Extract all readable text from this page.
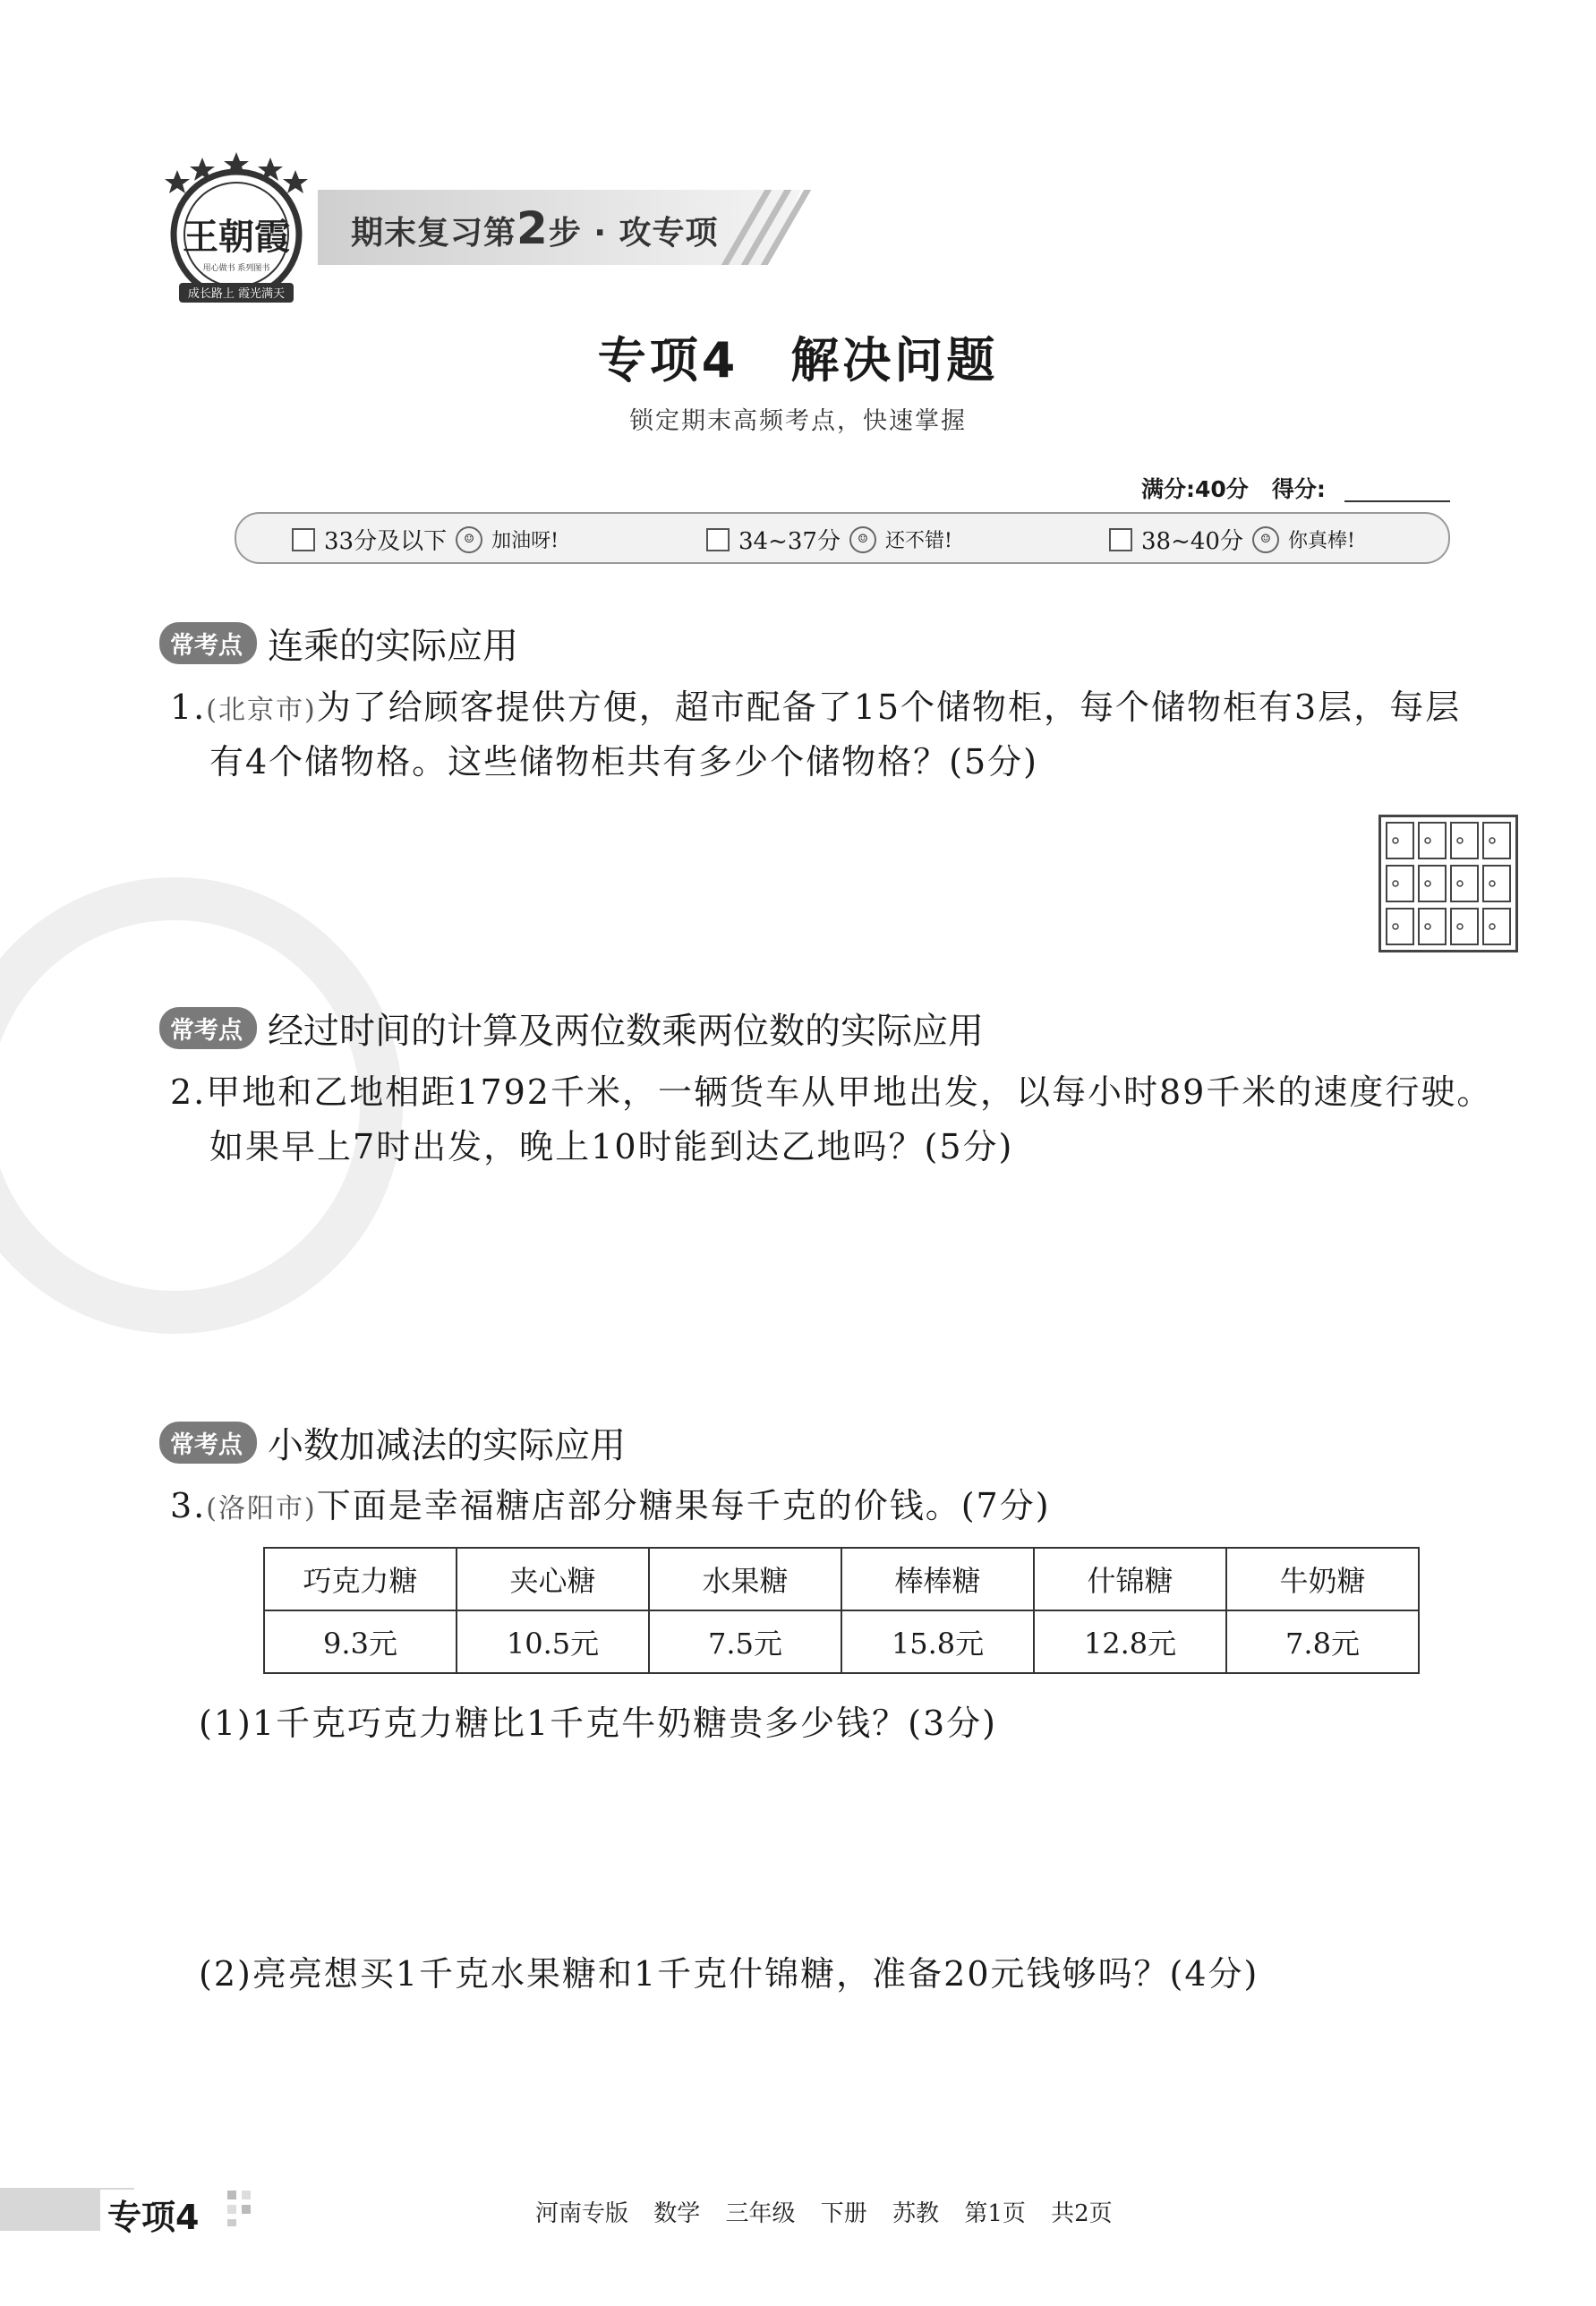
王朝霞
用心做书 系列图书
成长路上 霞光满天
期末复习第2步 · 攻专项
专项4　解决问题
锁定期末高频考点，快速掌握
满分:40分 得分:
33分及以下	☺ 加油呀!	34~37分	☺ 还不错!	38~40分	☺ 你真棒!
常考点 连乘的实际应用
1.(北京市)为了给顾客提供方便，超市配备了15个储物柜，每个储物柜有3层，每层
有4个储物格。这些储物柜共有多少个储物格？(5分)
常考点 经过时间的计算及两位数乘两位数的实际应用
2.甲地和乙地相距1792千米，一辆货车从甲地出发，以每小时89千米的速度行驶。
如果早上7时出发，晚上10时能到达乙地吗？(5分)
常考点 小数加减法的实际应用
3.(洛阳市)下面是幸福糖店部分糖果每千克的价钱。(7分)
巧克力糖	夹心糖	水果糖	棒棒糖	什锦糖	牛奶糖
9.3元	10.5元	7.5元	15.8元	12.8元	7.8元
(1)1千克巧克力糖比1千克牛奶糖贵多少钱？(3分)
(2)亮亮想买1千克水果糖和1千克什锦糖，准备20元钱够吗？(4分)
专项4	河南专版 数学 三年级 下册 苏教 第1页 共2页
